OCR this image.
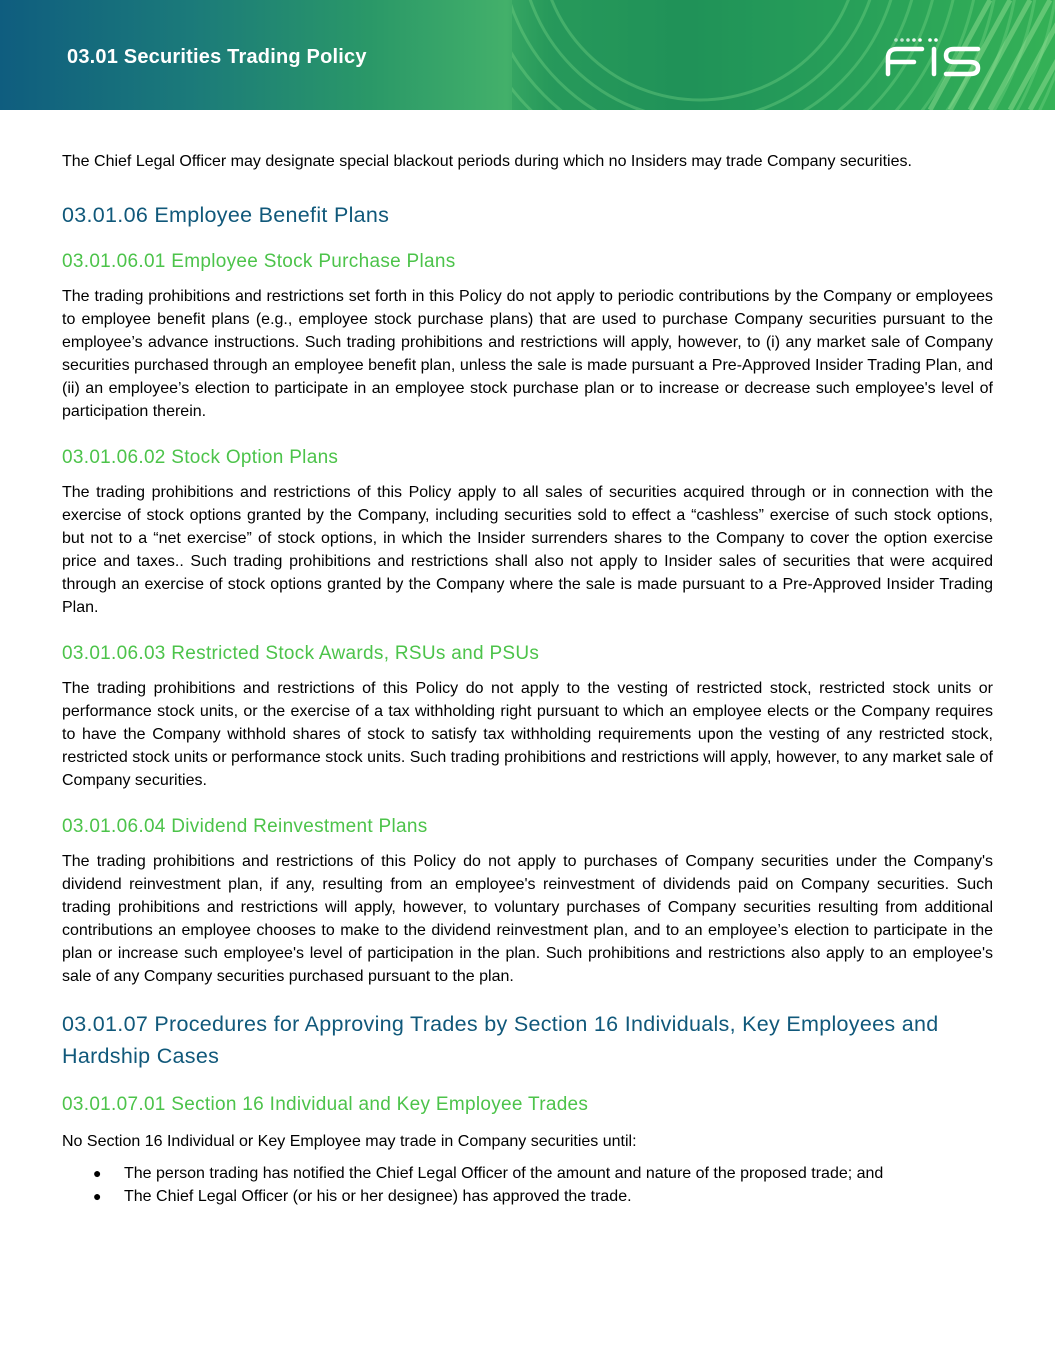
03.01 Securities Trading Policy

The Chief Legal Officer may designate special blackout periods during which no Insiders may trade Company securities.

03.01.06 Employee Benefit Plans
03.01.06.01 Employee Stock Purchase Plans

The trading prohibitions and restrictions set forth in this Policy do not apply to periodic contributions by the Company or employees to employee benefit plans (e.g., employee stock purchase plans) that are used to purchase Company securities pursuant to the employee’s advance instructions. Such trading prohibitions and restrictions will apply, however, to (i) any market sale of Company securities purchased through an employee benefit plan, unless the sale is made pursuant a Pre-Approved Insider Trading Plan, and (ii) an employee’s election to participate in an employee stock purchase plan or to increase or decrease such employee's level of participation therein.

03.01.06.02 Stock Option Plans

The trading prohibitions and restrictions of this Policy apply to all sales of securities acquired through or in connection with the exercise of stock options granted by the Company, including securities sold to effect a “cashless” exercise of such stock options, but not to a “net exercise” of stock options, in which the Insider surrenders shares to the Company to cover the option exercise price and taxes.. Such trading prohibitions and restrictions shall also not apply to Insider sales of securities that were acquired through an exercise of stock options granted by the Company where the sale is made pursuant to a Pre-Approved Insider Trading Plan.

03.01.06.03 Restricted Stock Awards, RSUs and PSUs

The trading prohibitions and restrictions of this Policy do not apply to the vesting of restricted stock, restricted stock units or performance stock units, or the exercise of a tax withholding right pursuant to which an employee elects or the Company requires to have the Company withhold shares of stock to satisfy tax withholding requirements upon the vesting of any restricted stock, restricted stock units or performance stock units. Such trading prohibitions and restrictions will apply, however, to any market sale of Company securities.

03.01.06.04 Dividend Reinvestment Plans

The trading prohibitions and restrictions of this Policy do not apply to purchases of Company securities under the Company's dividend reinvestment plan, if any, resulting from an employee's reinvestment of dividends paid on Company securities. Such trading prohibitions and restrictions will apply, however, to voluntary purchases of Company securities resulting from additional contributions an employee chooses to make to the dividend reinvestment plan, and to an employee’s election to participate in the plan or increase such employee's level of participation in the plan. Such prohibitions and restrictions also apply to an employee's sale of any Company securities purchased pursuant to the plan.

03.01.07 Procedures for Approving Trades by Section 16 Individuals, Key Employees and Hardship Cases
03.01.07.01 Section 16 Individual and Key Employee Trades

No Section 16 Individual or Key Employee may trade in Company securities until:

● The person trading has notified the Chief Legal Officer of the amount and nature of the proposed trade; and
● The Chief Legal Officer (or his or her designee) has approved the trade.
